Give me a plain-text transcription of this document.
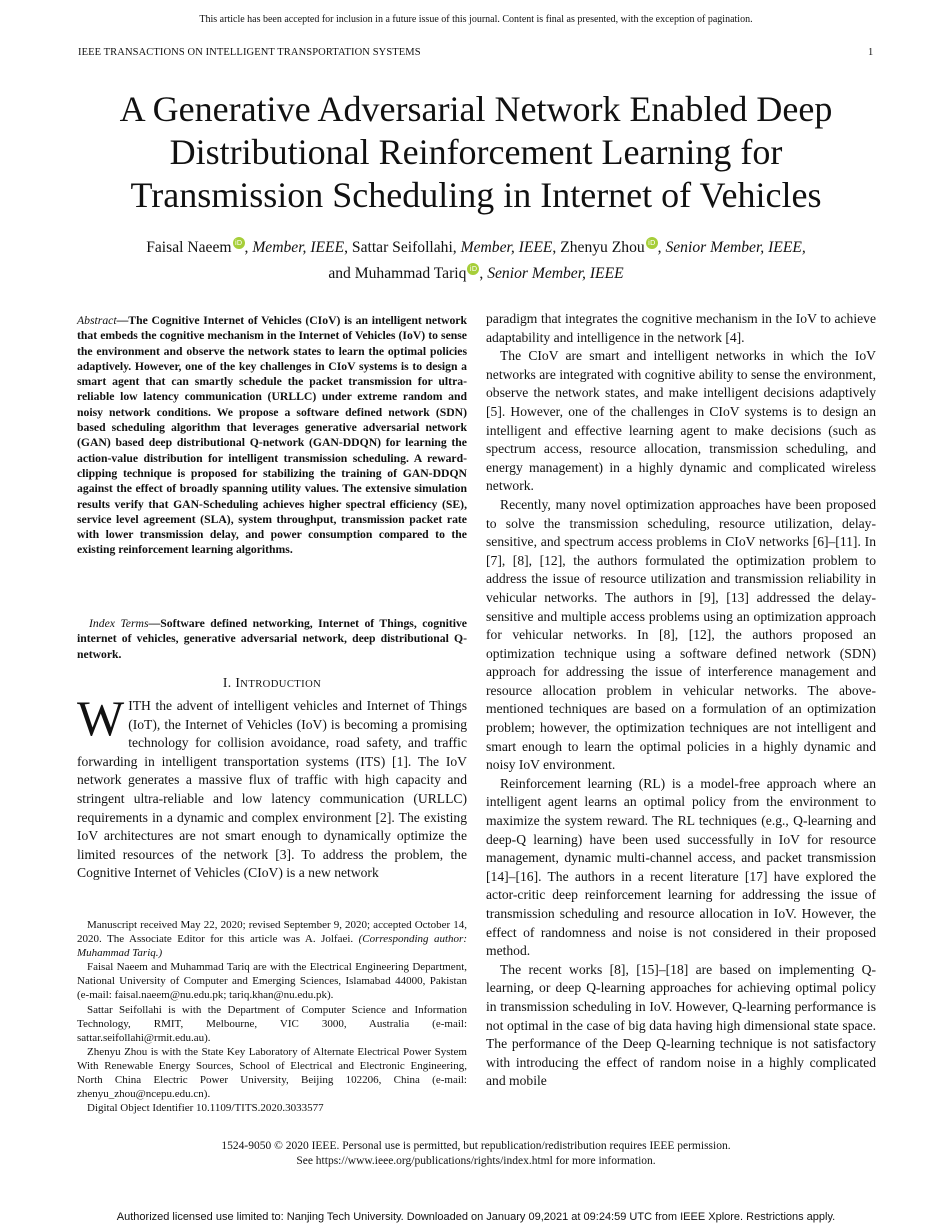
This article has been accepted for inclusion in a future issue of this journal. Content is final as presented, with the exception of pagination.
IEEE TRANSACTIONS ON INTELLIGENT TRANSPORTATION SYSTEMS	1
A Generative Adversarial Network Enabled Deep
Distributional Reinforcement Learning for
Transmission Scheduling in Internet of Vehicles
Faisal Naeem iD , Member, IEEE, Sattar Seifollahi, Member, IEEE, Zhenyu Zhou iD , Senior Member, IEEE,
and Muhammad Tariq iD , Senior Member, IEEE
Abstract—The Cognitive Internet of Vehicles (CIoV) is an intelligent network that embeds the cognitive mechanism in the Internet of Vehicles (IoV) to sense the environment and observe the network states to learn the optimal policies adaptively. However, one of the key challenges in CIoV systems is to design a smart agent that can smartly schedule the packet transmission for ultra-reliable low latency communication (URLLC) under extreme random and noisy network conditions. We propose a software defined network (SDN) based scheduling algorithm that leverages generative adversarial network (GAN) based deep distributional Q-network (GAN-DDQN) for learning the action-value distribution for intelligent transmission scheduling. A reward-clipping technique is proposed for stabilizing the training of GAN-DDQN against the effect of broadly spanning utility values. The extensive simulation results verify that GAN-Scheduling achieves higher spectral efficiency (SE), service level agreement (SLA), system throughput, transmission packet rate with lower transmission delay, and power consumption compared to the existing reinforcement learning algorithms.
Index Terms—Software defined networking, Internet of Things, cognitive internet of vehicles, generative adversarial network, deep distributional Q-network.
I. INTRODUCTION
WITH the advent of intelligent vehicles and Internet of Things (IoT), the Internet of Vehicles (IoV) is becoming a promising technology for collision avoidance, road safety, and traffic forwarding in intelligent transportation systems (ITS) [1]. The IoV network generates a massive flux of traffic with high capacity and stringent ultra-reliable and low latency communication (URLLC) requirements in a dynamic and complex environment [2]. The existing IoV architectures are not smart enough to dynamically optimize the limited resources of the network [3]. To address the problem, the Cognitive Internet of Vehicles (CIoV) is a new network

Manuscript received May 22, 2020; revised September 9, 2020; accepted October 14, 2020. The Associate Editor for this article was A. Jolfaei. (Corresponding author: Muhammad Tariq.)

Faisal Naeem and Muhammad Tariq are with the Electrical Engineering Department, National University of Computer and Emerging Sciences, Islamabad 44000, Pakistan (e-mail: faisal.naeem@nu.edu.pk; tariq.khan@nu.edu.pk).

Sattar Seifollahi is with the Department of Computer Science and Information Technology, RMIT, Melbourne, VIC 3000, Australia (e-mail: sattar.seifollahi@rmit.edu.au).

Zhenyu Zhou is with the State Key Laboratory of Alternate Electrical Power System With Renewable Energy Sources, School of Electrical and Electronic Engineering, North China Electric Power University, Beijing 102206, China (e-mail: zhenyu_zhou@ncepu.edu.cn).

Digital Object Identifier 10.1109/TITS.2020.3033577

paradigm that integrates the cognitive mechanism in the IoV to achieve adaptability and intelligence in the network [4].

The CIoV are smart and intelligent networks in which the IoV networks are integrated with cognitive ability to sense the environment, observe the network states, and make intelligent decisions adaptively [5]. However, one of the challenges in CIoV systems is to design an intelligent and effective learning agent to make decisions (such as spectrum access, resource allocation, transmission scheduling, and energy management) in a highly dynamic and complicated wireless network.

Recently, many novel optimization approaches have been proposed to solve the transmission scheduling, resource utilization, delay-sensitive, and spectrum access problems in CIoV networks [6]–[11]. In [7], [8], [12], the authors formulated the optimization problem to address the issue of resource utilization and transmission reliability in vehicular networks. The authors in [9], [13] addressed the delay-sensitive and multiple access problems using an optimization approach for vehicular networks. In [8], [12], the authors proposed an optimization technique using a software defined network (SDN) approach for addressing the issue of interference management and resource allocation problem in vehicular networks. The above-mentioned techniques are based on a formulation of an optimization problem; however, the optimization techniques are not intelligent and smart enough to learn the optimal policies in a highly dynamic and noisy IoV environment.

Reinforcement learning (RL) is a model-free approach where an intelligent agent learns an optimal policy from the environment to maximize the system reward. The RL techniques (e.g., Q-learning and deep-Q learning) have been used successfully in IoV for resource management, dynamic multi-channel access, and packet transmission [14]–[16]. The authors in a recent literature [17] have explored the actor-critic deep reinforcement learning for addressing the issue of transmission scheduling and resource allocation in IoV. However, the effect of randomness and noise is not considered in their proposed method.

The recent works [8], [15]–[18] are based on implementing Q-learning, or deep Q-learning approaches for achieving optimal policy in transmission scheduling in IoV. However, Q-learning performance is not optimal in the case of big data having high dimensional state space. The performance of the Deep Q-learning technique is not satisfactory with introducing the effect of random noise in a highly complicated and mobile

1524-9050 © 2020 IEEE. Personal use is permitted, but republication/redistribution requires IEEE permission.
See https://www.ieee.org/publications/rights/index.html for more information.
Authorized licensed use limited to: Nanjing Tech University. Downloaded on January 09,2021 at 09:24:59 UTC from IEEE Xplore. Restrictions apply.
